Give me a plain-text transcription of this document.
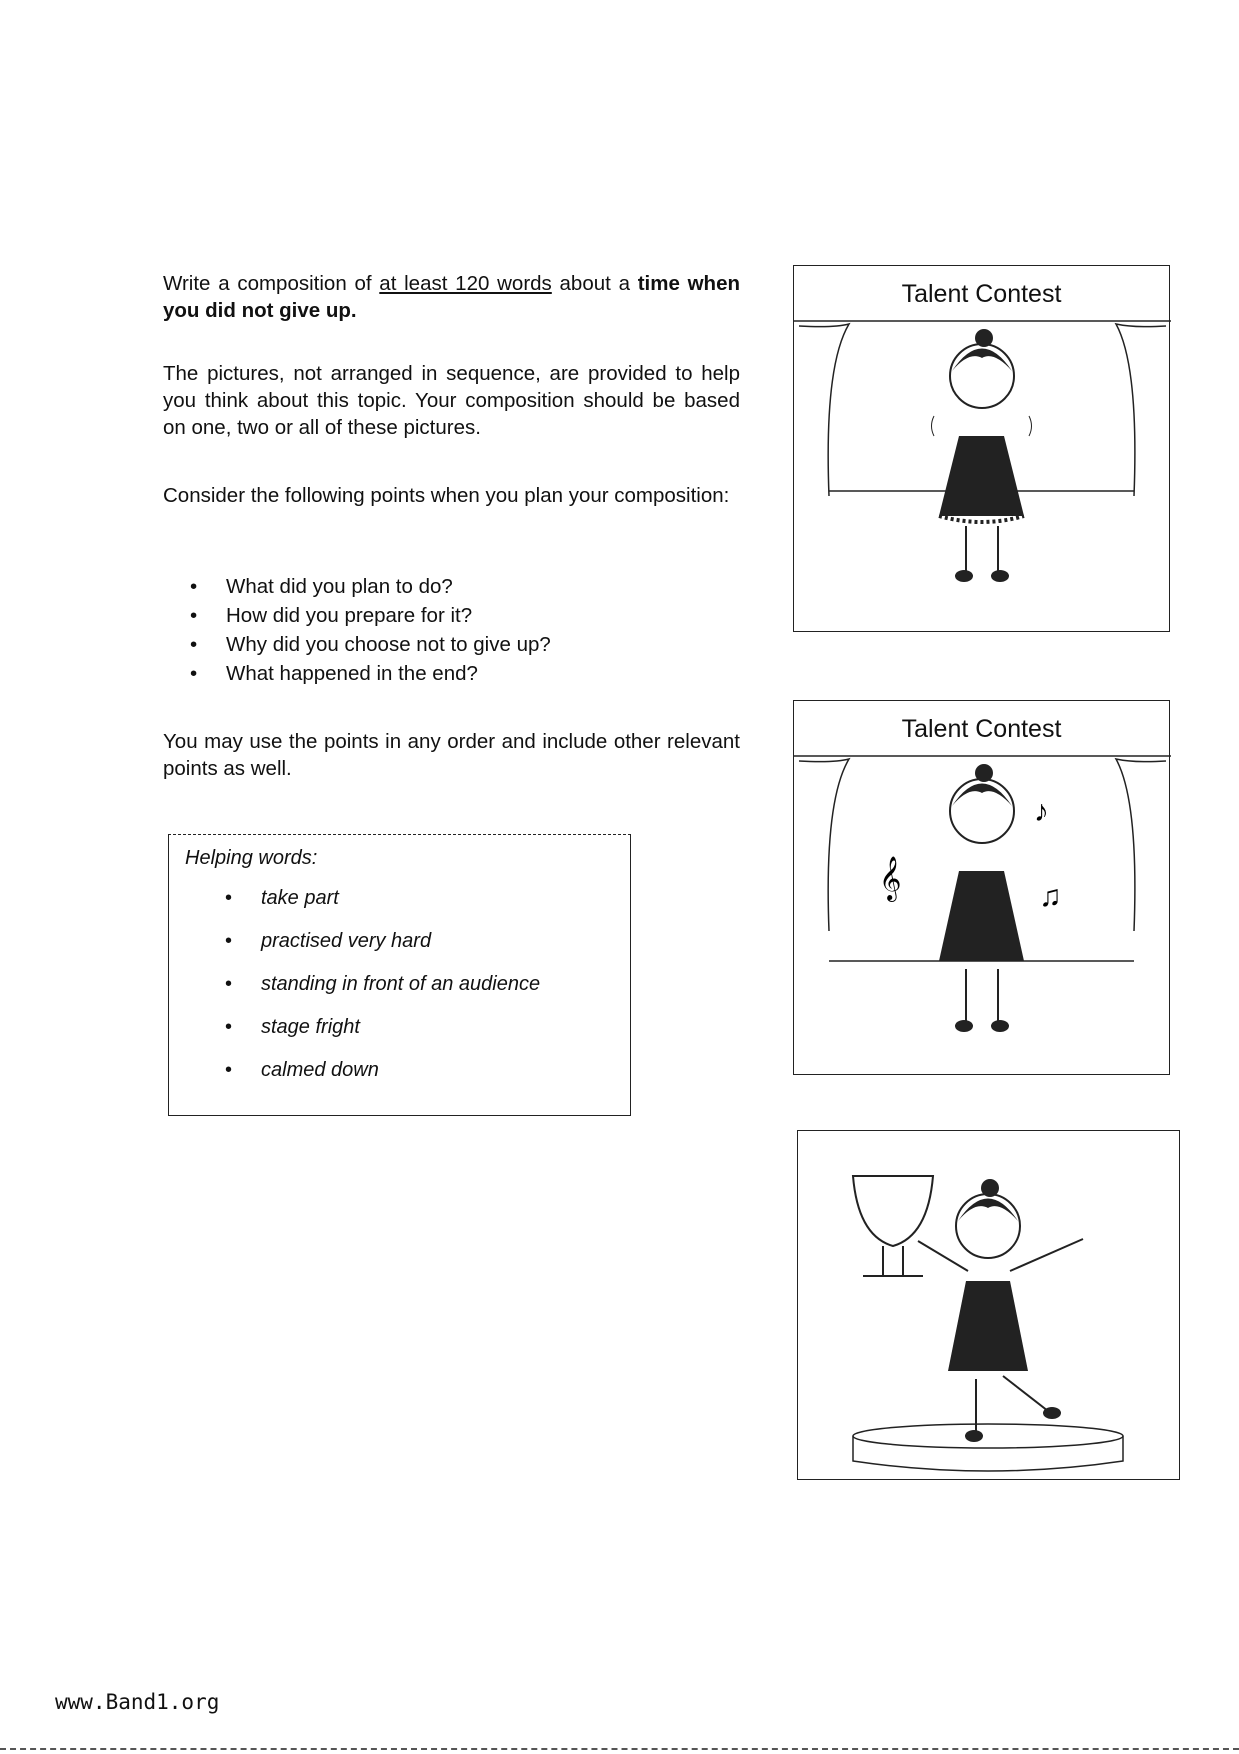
Write a composition of at least 120 words about a time when you did not give up.
The pictures, not arranged in sequence, are provided to help you think about this topic. Your composition should be based on one, two or all of these pictures.
Consider the following points when you plan your composition:
• What did you plan to do?
• How did you prepare for it?
• Why did you choose not to give up?
• What happened in the end?
You may use the points in any order and include other relevant points as well.
Helping words:
• take part
• practised very hard
• standing in front of an audience
• stage fright
• calmed down
Talent Contest
Talent Contest
𝄞
♪
♫
www.Band1.org
